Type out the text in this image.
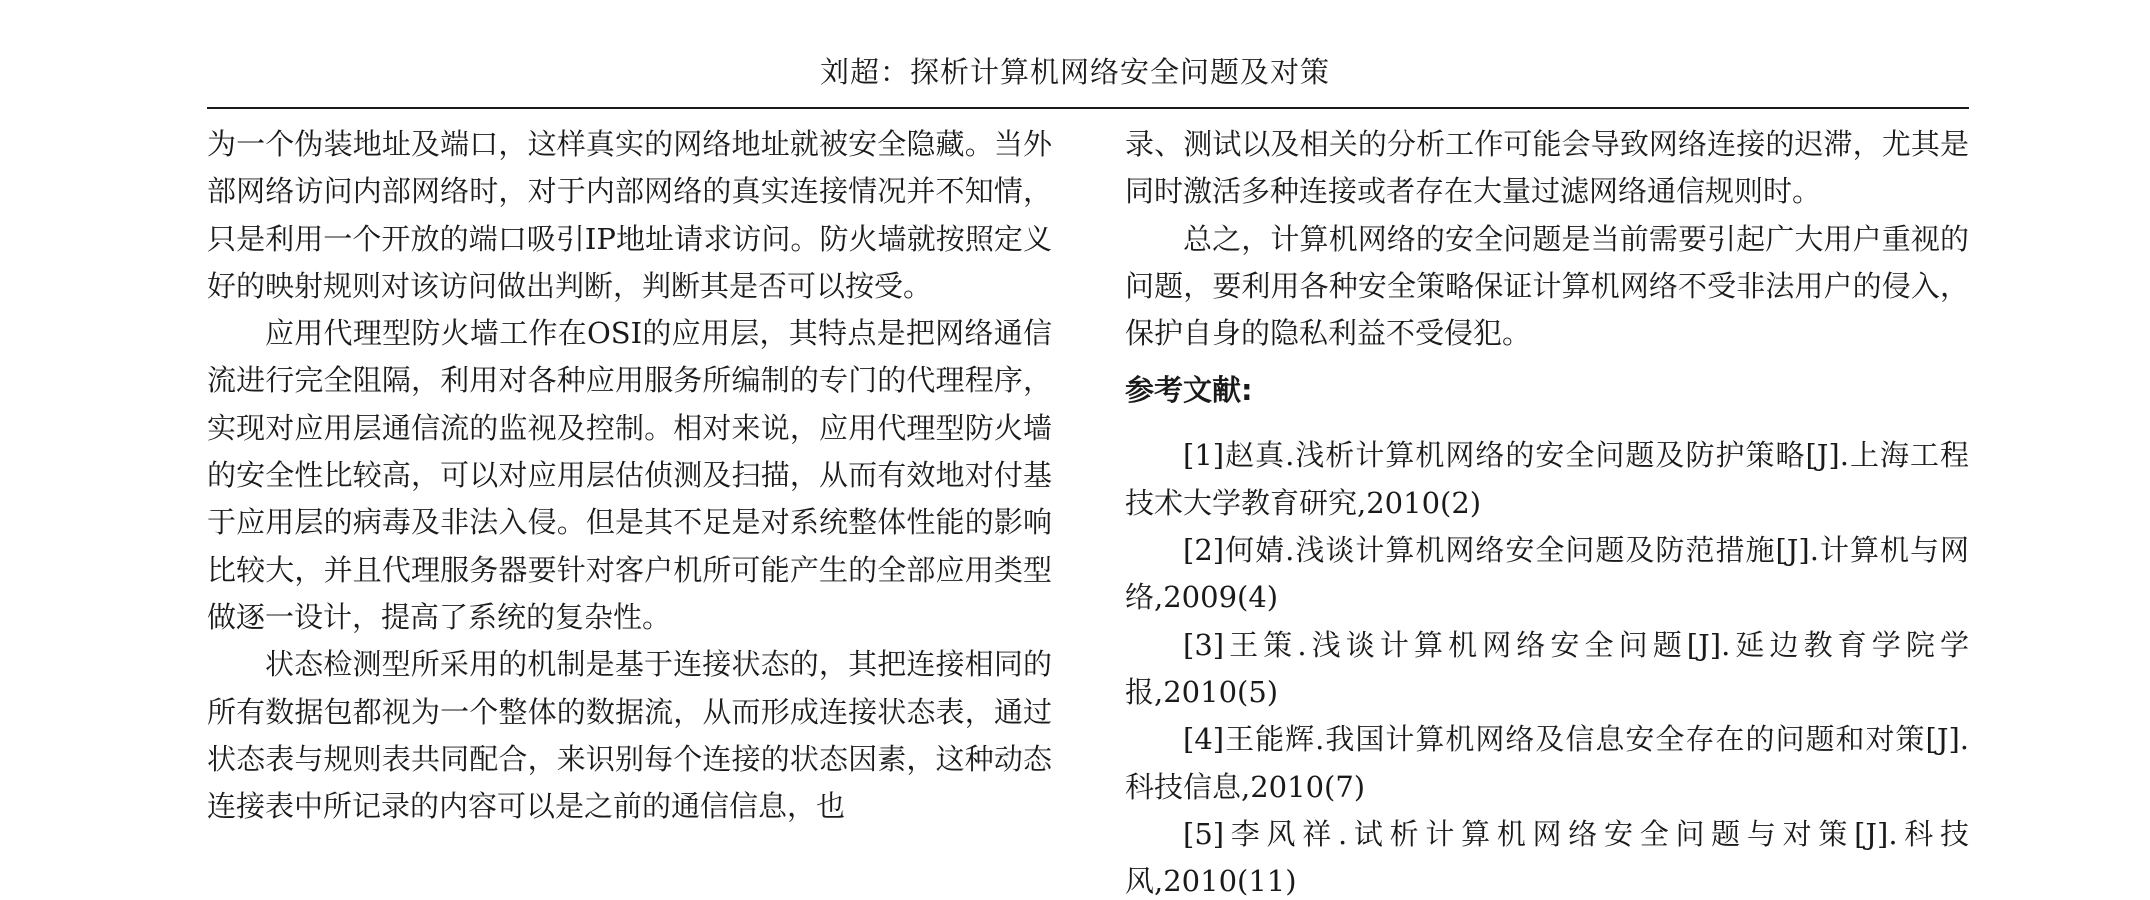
刘超：探析计算机网络安全问题及对策

为一个伪装地址及端口，这样真实的网络地址就被安全隐藏。当外部网络访问内部网络时，对于内部网络的真实连接情况并不知情，只是利用一个开放的端口吸引IP地址请求访问。防火墙就按照定义好的映射规则对该访问做出判断，判断其是否可以按受。

应用代理型防火墙工作在OSI的应用层，其特点是把网络通信流进行完全阻隔，利用对各种应用服务所编制的专门的代理程序，实现对应用层通信流的监视及控制。相对来说，应用代理型防火墙的安全性比较高，可以对应用层估侦测及扫描，从而有效地对付基于应用层的病毒及非法入侵。但是其不足是对系统整体性能的影响比较大，并且代理服务器要针对客户机所可能产生的全部应用类型做逐一设计，提高了系统的复杂性。

状态检测型所采用的机制是基于连接状态的，其把连接相同的所有数据包都视为一个整体的数据流，从而形成连接状态表，通过状态表与规则表共同配合，来识别每个连接的状态因素，这种动态连接表中所记录的内容可以是之前的通信信息，也

录、测试以及相关的分析工作可能会导致网络连接的迟滞，尤其是同时激活多种连接或者存在大量过滤网络通信规则时。

总之，计算机网络的安全问题是当前需要引起广大用户重视的问题，要利用各种安全策略保证计算机网络不受非法用户的侵入，保护自身的隐私利益不受侵犯。

参考文献:

[1]赵真.浅析计算机网络的安全问题及防护策略[J].上海工程技术大学教育研究,2010(2)

[2]何婧.浅谈计算机网络安全问题及防范措施[J].计算机与网络,2009(4)

[3]王策.浅谈计算机网络安全问题[J].延边教育学院学报,2010(5)

[4]王能辉.我国计算机网络及信息安全存在的问题和对策[J].科技信息,2010(7)

[5]李风祥.试析计算机网络安全问题与对策[J].科技风,2010(11)
